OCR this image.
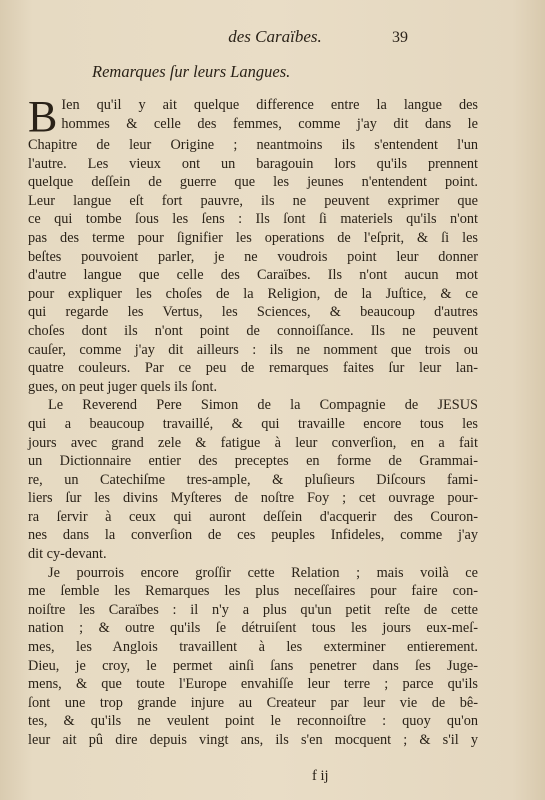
des Caraïbes.	39
Remarques ſur leurs Langues.
B Ien qu'il y ait quelque difference entre la langue des
hommes & celle des femmes, comme j'ay dit dans le
Chapitre de leur Origine ; neantmoins ils s'entendent l'un
l'autre. Les vieux ont un baragouin lors qu'ils prennent
quelque deſſein de guerre que les jeunes n'entendent point.
Leur langue eſt fort pauvre, ils ne peuvent exprimer que
ce qui tombe ſous les ſens : Ils ſont ſi materiels qu'ils n'ont
pas des terme pour ſignifier les operations de l'eſprit, & ſi les
beſtes pouvoient parler, je ne voudrois point leur donner
d'autre langue que celle des Caraïbes. Ils n'ont aucun mot
pour expliquer les choſes de la Religion, de la Juſtice, & ce
qui regarde les Vertus, les Sciences, & beaucoup d'autres
choſes dont ils n'ont point de connoiſſance. Ils ne peuvent
cauſer, comme j'ay dit ailleurs : ils ne nomment que trois ou
quatre couleurs. Par ce peu de remarques faites ſur leur lan-
gues, on peut juger quels ils ſont.
Le Reverend Pere Simon de la Compagnie de JESUS
qui a beaucoup travaillé, & qui travaille encore tous les
jours avec grand zele & fatigue à leur converſion, en a fait
un Dictionnaire entier des preceptes en forme de Grammai-
re, un Catechiſme tres-ample, & pluſieurs Diſcours fami-
liers ſur les divins Myſteres de noſtre Foy ; cet ouvrage pour-
ra ſervir à ceux qui auront deſſein d'acquerir des Couron-
nes dans la converſion de ces peuples Infideles, comme j'ay
dit cy-devant.
Je pourrois encore groſſir cette Relation ; mais voilà ce
me ſemble les Remarques les plus neceſſaires pour faire con-
noiſtre les Caraïbes : il n'y a plus qu'un petit reſte de cette
nation ; & outre qu'ils ſe détruiſent tous les jours eux-meſ-
mes, les Anglois travaillent à les exterminer entierement.
Dieu, je croy, le permet ainſi ſans penetrer dans ſes Juge-
mens, & que toute l'Europe envahiſſe leur terre ; parce qu'ils
ſont une trop grande injure au Createur par leur vie de bê-
tes, & qu'ils ne veulent point le reconnoiſtre : quoy qu'on
leur ait pû dire depuis vingt ans, ils s'en mocquent ; & s'il y
f ij
